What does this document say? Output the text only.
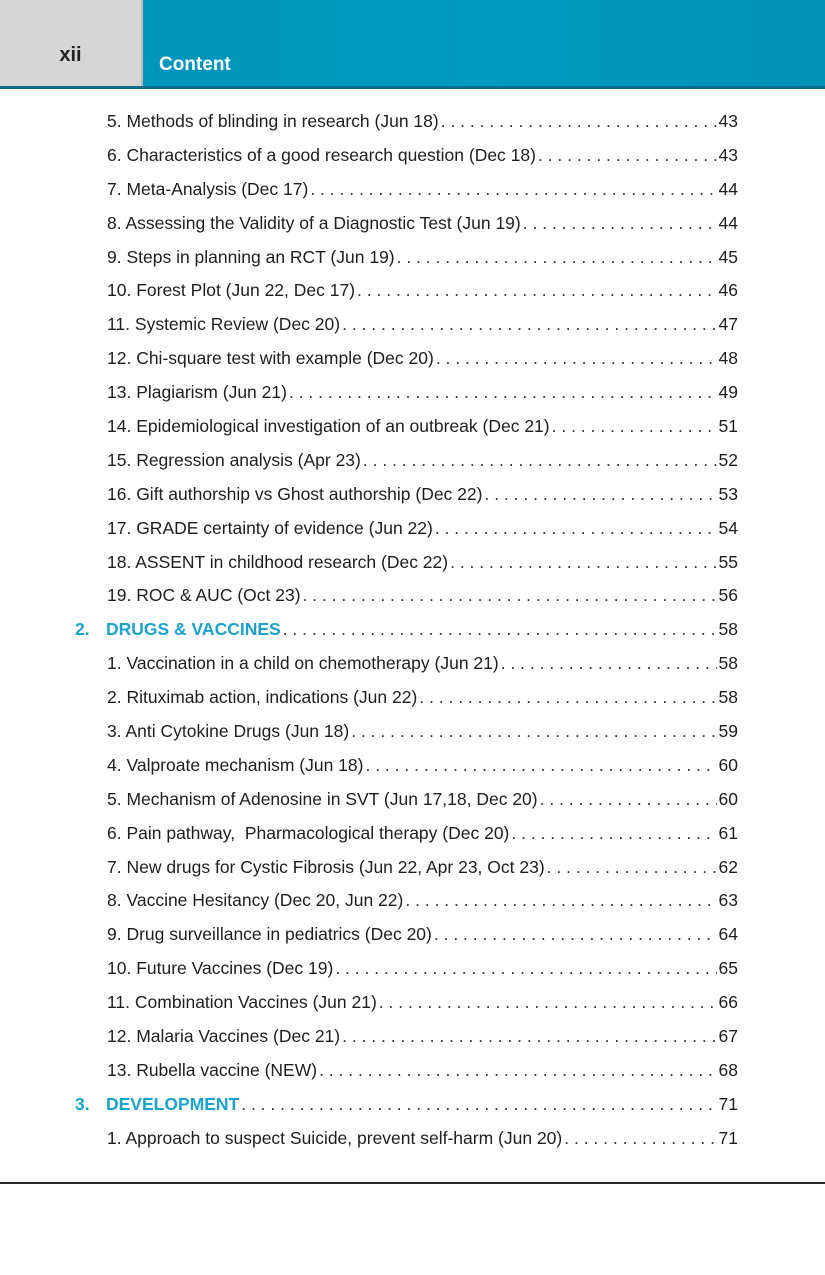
xii	Content
5. Methods of blinding in research (Jun 18) . . .	43
6. Characteristics of a good research question (Dec 18) . . .	43
7. Meta-Analysis (Dec 17) . . .	44
8. Assessing the Validity of a Diagnostic Test (Jun 19) . . .	44
9. Steps in planning an RCT (Jun 19) . . .	45
10. Forest Plot (Jun 22, Dec 17) . . .	46
11. Systemic Review (Dec 20) . . .	47
12. Chi-square test with example (Dec 20) . . .	48
13. Plagiarism (Jun 21) . . .	49
14. Epidemiological investigation of an outbreak (Dec 21) . . .	51
15. Regression analysis (Apr 23) . . .	52
16. Gift authorship vs Ghost authorship (Dec 22) . . .	53
17. GRADE certainty of evidence (Jun 22) . . .	54
18. ASSENT in childhood research (Dec 22) . . .	55
19. ROC & AUC (Oct 23) . . .	56
2. DRUGS & VACCINES . . .	58
1. Vaccination in a child on chemotherapy (Jun 21) . . .	58
2. Rituximab action, indications (Jun 22) . . .	58
3. Anti Cytokine Drugs (Jun 18) . . .	59
4. Valproate mechanism (Jun 18) . . .	60
5. Mechanism of Adenosine in SVT (Jun 17,18, Dec 20) . . .	60
6. Pain pathway,  Pharmacological therapy (Dec 20) . . .	61
7. New drugs for Cystic Fibrosis (Jun 22, Apr 23, Oct 23) . . .	62
8. Vaccine Hesitancy (Dec 20, Jun 22) . . .	63
9. Drug surveillance in pediatrics (Dec 20) . . .	64
10. Future Vaccines (Dec 19) . . .	65
11. Combination Vaccines (Jun 21) . . .	66
12. Malaria Vaccines (Dec 21) . . .	67
13. Rubella vaccine (NEW) . . .	68
3. DEVELOPMENT . . .	71
1. Approach to suspect Suicide, prevent self-harm (Jun 20) . . .	71
